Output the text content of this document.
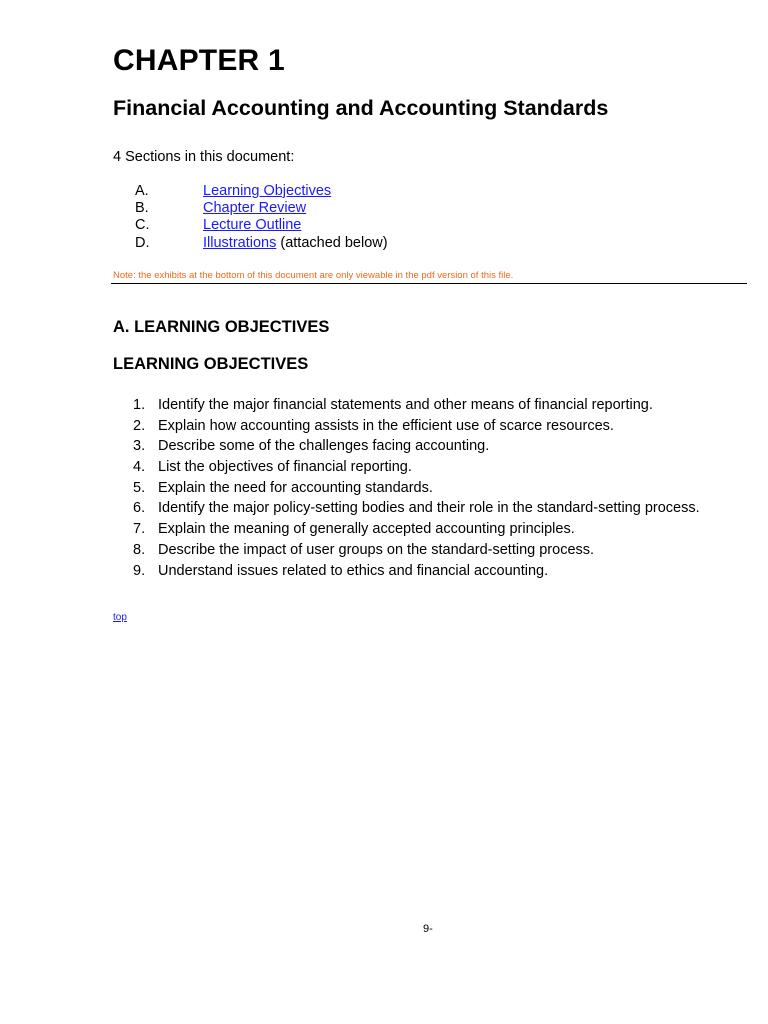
CHAPTER 1
Financial Accounting and Accounting Standards

4 Sections in this document:

A.	Learning Objectives
B.	Chapter Review
C.	Lecture Outline
D.	Illustrations (attached below)

Note: the exhibits at the bottom of this document are only viewable in the pdf version of this file.

A. LEARNING OBJECTIVES
LEARNING OBJECTIVES
1. Identify the major financial statements and other means of financial reporting.
2. Explain how accounting assists in the efficient use of scarce resources.
3. Describe some of the challenges facing accounting.
4. List the objectives of financial reporting.
5. Explain the need for accounting standards.
6. Identify the major policy-setting bodies and their role in the standard-setting process.
7. Explain the meaning of generally accepted accounting principles.
8. Describe the impact of user groups on the standard-setting process.
9. Understand issues related to ethics and financial accounting.
top

9-
